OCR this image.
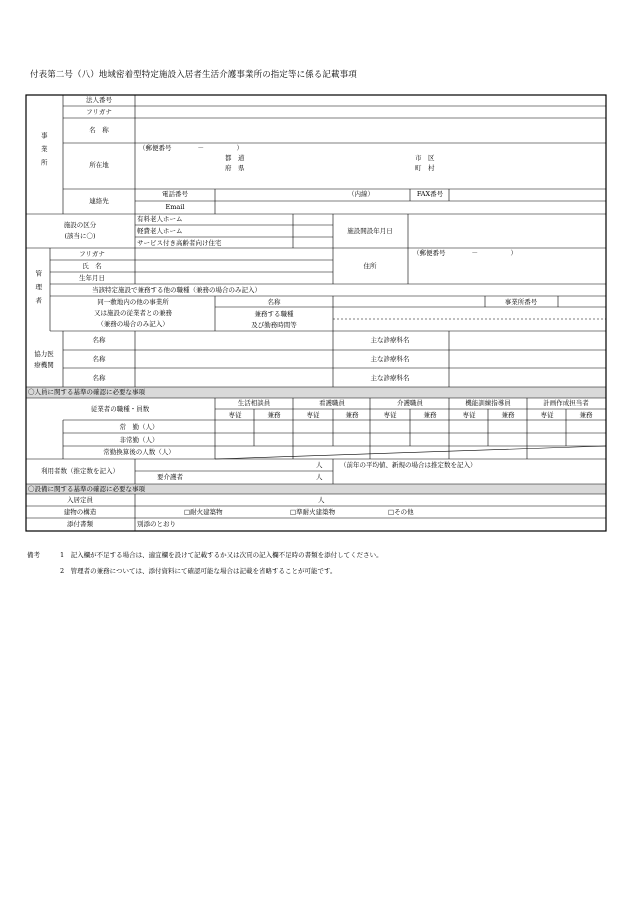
付表第二号（八）地域密着型特定施設入居者生活介護事業所の指定等に係る記載事項
事業所
法人番号
フリガナ
名　称
所在地
（郵便番号　　　　－　　　　　）
都　道
府　県
市　区
町　村
連絡先
電話番号	（内線）	FAX番号
Email
施設の区分
(該当に〇)
有料老人ホーム
軽費老人ホーム
サービス付き高齢者向け住宅
施設開設年月日
管理者
フリガナ
氏　名
生年月日
住所
（郵便番号　　　　－　　　　　）
当該特定施設で兼務する他の職種（兼務の場合のみ記入）
同一敷地内の他の事業所
又は施設の従業者との兼務
（兼務の場合のみ記入）
名称	事業所番号
兼務する職種
及び勤務時間等
協力医
療機関
名称	主な診療科名
名称	主な診療科名
名称	主な診療科名
〇人員に関する基準の確認に必要な事項
従業者の職種・員数
生活相談員	看護職員	介護職員	機能訓練指導員	計画作成担当者
専従	兼務	専従	兼務	専従	兼務	専従	兼務	専従	兼務
常　勤（人）
非常勤（人）
常勤換算後の人数（人）
利用者数（推定数を記入）
人	（前年の平均値、新規の場合は推定数を記入）
要介護者	人
〇設備に関する基準の確認に必要な事項
入居定員	人
建物の構造	□耐火建築物	□準耐火建築物	□その他
添付書類	別添のとおり
備考	1　記入欄が不足する場合は、適宜欄を設けて記載するか又は次頁の記入欄不足時の書類を添付してください。
2　管理者の兼務については、添付資料にて確認可能な場合は記載を省略することが可能です。
